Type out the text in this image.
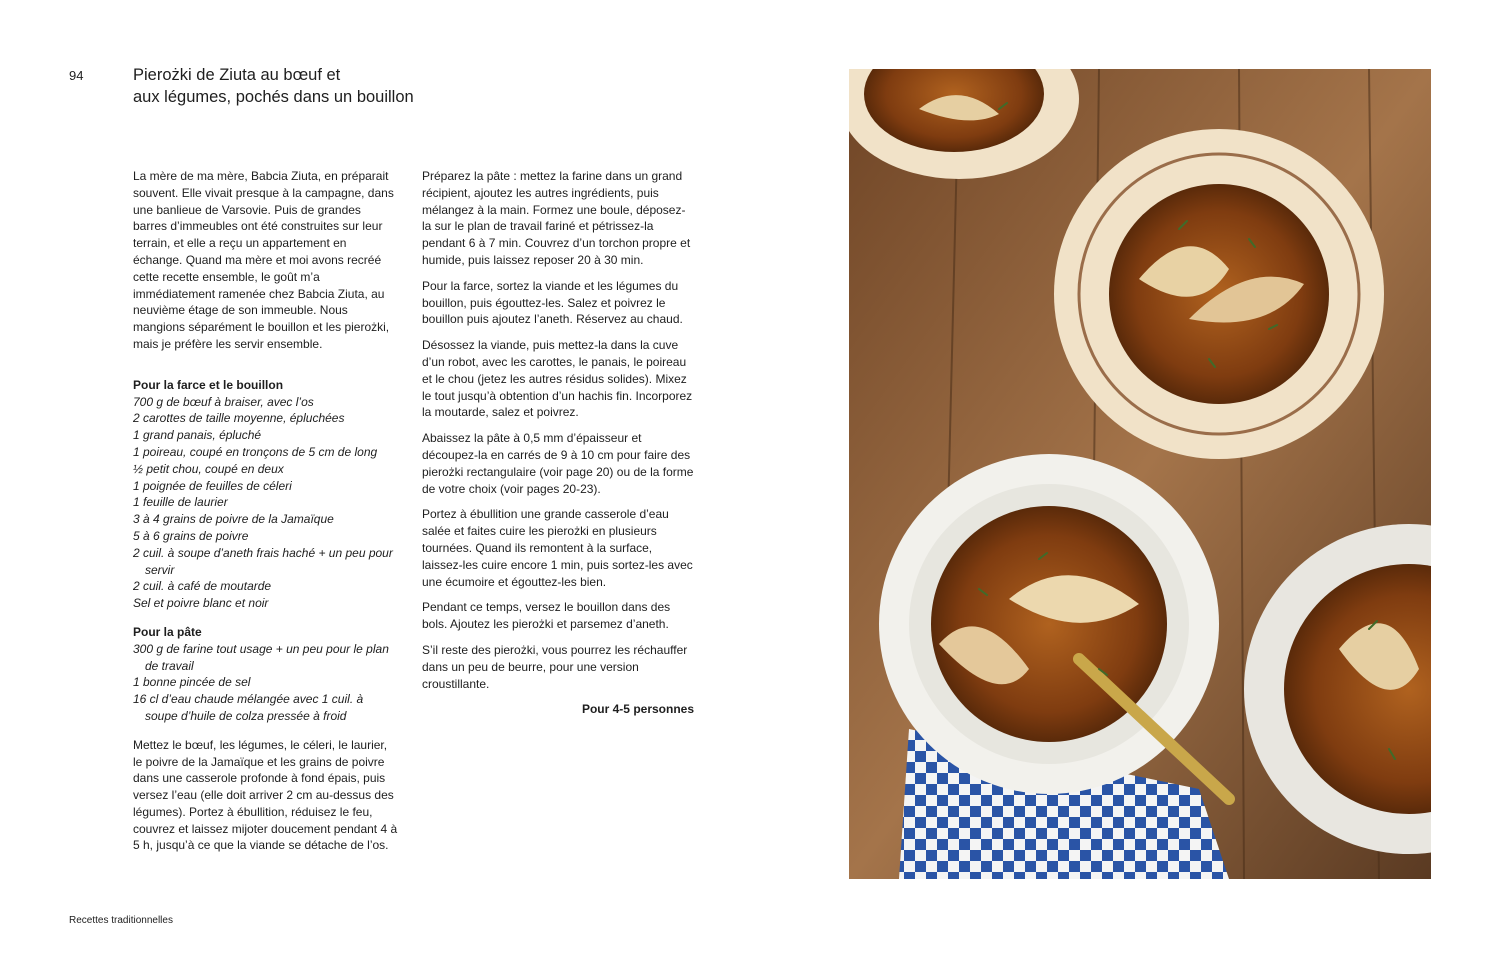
94	Pierożki de Ziuta au bœuf et
aux légumes, pochés dans un bouillon

La mère de ma mère, Babcia Ziuta, en préparait souvent. Elle vivait presque à la campagne, dans une banlieue de Varsovie. Puis de grandes barres d’immeubles ont été construites sur leur terrain, et elle a reçu un appartement en échange. Quand ma mère et moi avons recréé cette recette ensemble, le goût m’a immédiatement ramenée chez Babcia Ziuta, au neuvième étage de son immeuble. Nous mangions séparément le bouillon et les pierożki, mais je préfère les servir ensemble.

Pour la farce et le bouillon

700 g de bœuf à braiser, avec l’os
2 carottes de taille moyenne, épluchées
1 grand panais, épluché
1 poireau, coupé en tronçons de 5 cm de long
½ petit chou, coupé en deux
1 poignée de feuilles de céleri
1 feuille de laurier
3 à 4 grains de poivre de la Jamaïque
5 à 6 grains de poivre
2 cuil. à soupe d’aneth frais haché + un peu pour servir
2 cuil. à café de moutarde
Sel et poivre blanc et noir

Pour la pâte

300 g de farine tout usage + un peu pour le plan de travail
1 bonne pincée de sel
16 cl d’eau chaude mélangée avec 1 cuil. à soupe d’huile de colza pressée à froid

Mettez le bœuf, les légumes, le céleri, le laurier, le poivre de la Jamaïque et les grains de poivre dans une casserole profonde à fond épais, puis versez l’eau (elle doit arriver 2 cm au-dessus des légumes). Portez à ébullition, réduisez le feu, couvrez et laissez mijoter doucement pendant 4 à 5 h, jusqu’à ce que la viande se détache de l’os.

Préparez la pâte : mettez la farine dans un grand récipient, ajoutez les autres ingrédients, puis mélangez à la main. Formez une boule, déposez-la sur le plan de travail fariné et pétrissez-la pendant 6 à 7 min. Couvrez d’un torchon propre et humide, puis laissez reposer 20 à 30 min.

Pour la farce, sortez la viande et les légumes du bouillon, puis égouttez-les. Salez et poivrez le bouillon puis ajoutez l’aneth. Réservez au chaud.

Désossez la viande, puis mettez-la dans la cuve d’un robot, avec les carottes, le panais, le poireau et le chou (jetez les autres résidus solides). Mixez le tout jusqu’à obtention d’un hachis fin. Incorporez la moutarde, salez et poivrez.

Abaissez la pâte à 0,5 mm d’épaisseur et découpez-la en carrés de 9 à 10 cm pour faire des pierożki rectangulaire (voir page 20) ou de la forme de votre choix (voir pages 20-23).

Portez à ébullition une grande casserole d’eau salée et faites cuire les pierożki en plusieurs tournées. Quand ils remontent à la surface, laissez-les cuire encore 1 min, puis sortez-les avec une écumoire et égouttez-les bien.

Pendant ce temps, versez le bouillon dans des bols. Ajoutez les pierożki et parsemez d’aneth.

S’il reste des pierożki, vous pourrez les réchauffer dans un peu de beurre, pour une version croustillante.

Pour 4-5 personnes

Recettes traditionnelles
